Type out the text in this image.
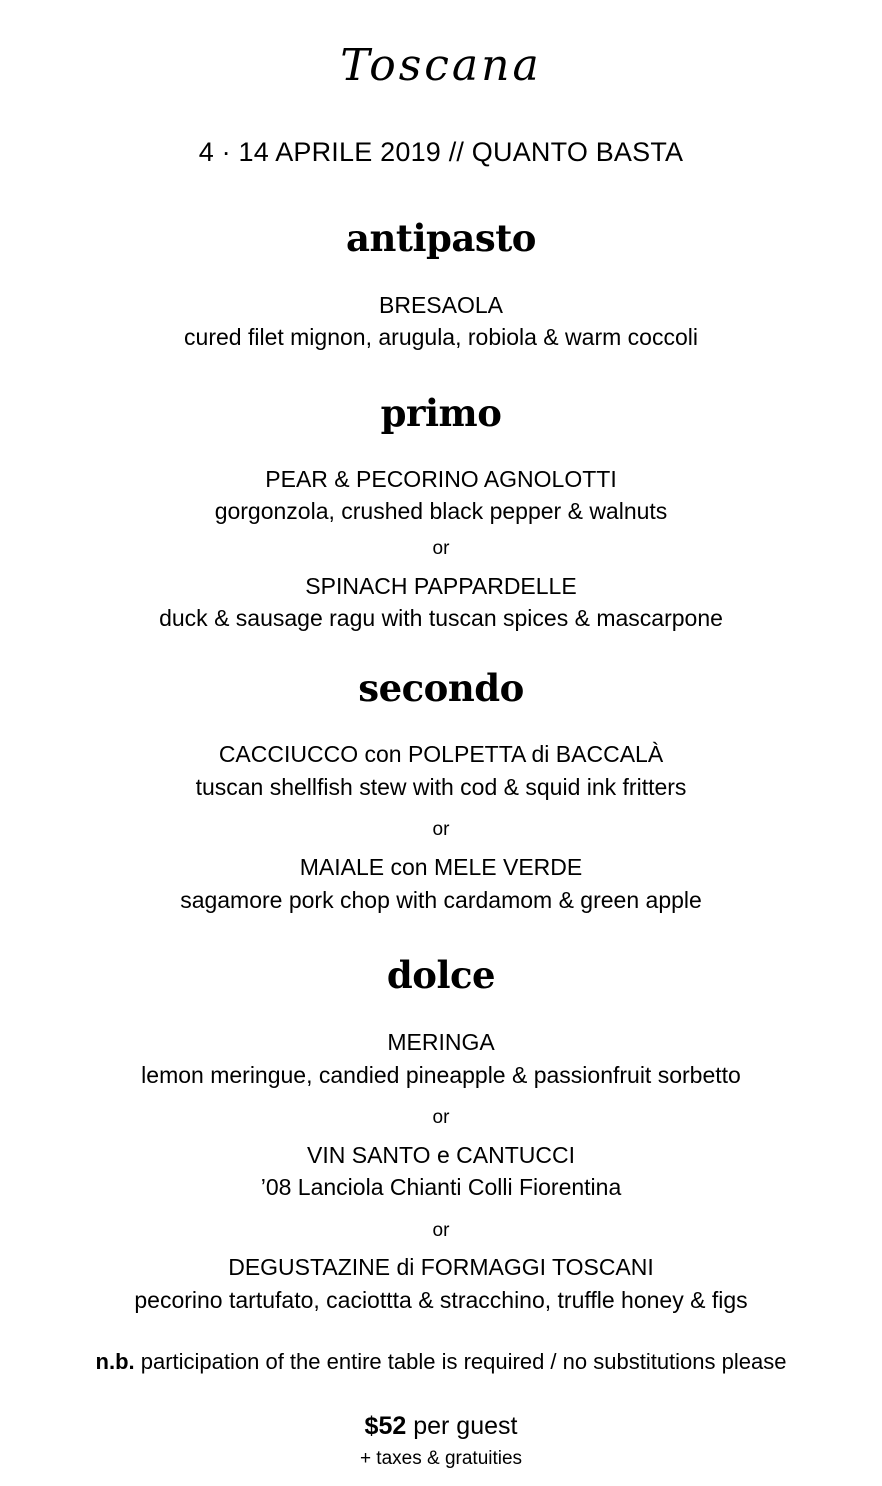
Toscana
4 · 14 APRILE 2019 // QUANTO BASTA
antipasto
BRESAOLA
cured filet mignon, arugula, robiola & warm coccoli
primo
PEAR & PECORINO AGNOLOTTI
gorgonzola, crushed black pepper & walnuts
or
SPINACH PAPPARDELLE
duck & sausage ragu with tuscan spices & mascarpone
secondo
CACCIUCCO con POLPETTA di BACCALÀ
tuscan shellfish stew with cod & squid ink fritters
or
MAIALE con MELE VERDE
sagamore pork chop with cardamom & green apple
dolce
MERINGA
lemon meringue, candied pineapple & passionfruit sorbetto
or
VIN SANTO e CANTUCCI
’08 Lanciola Chianti Colli Fiorentina
or
DEGUSTAZINE di FORMAGGI TOSCANI
pecorino tartufato, caciottta & stracchino, truffle honey & figs
n.b. participation of the entire table is required / no substitutions please
$52 per guest
+ taxes & gratuities
